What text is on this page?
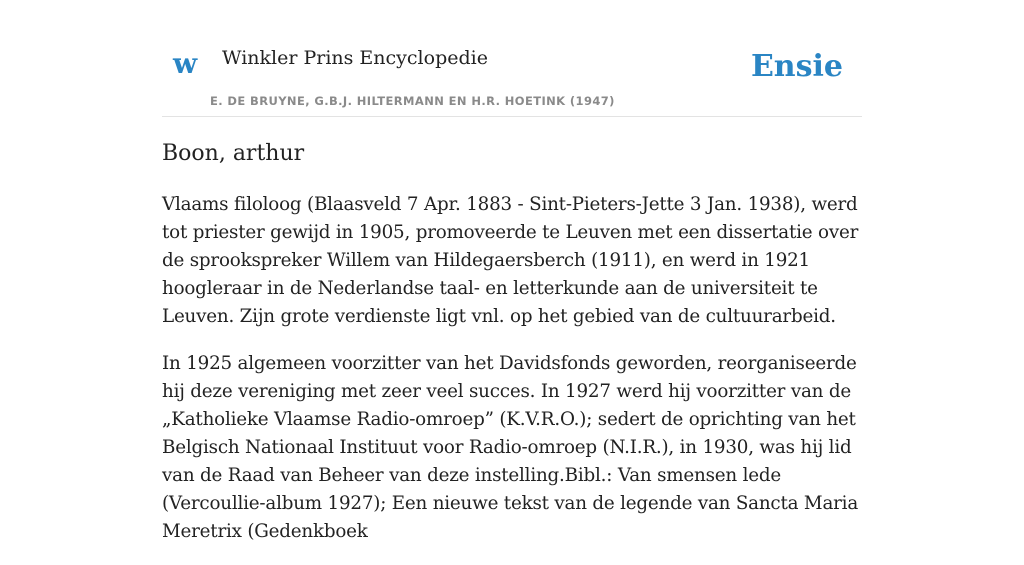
w Winkler Prins Encyclopedie
E. DE BRUYNE, G.B.J. HILTERMANN EN H.R. HOETINK (1947)
Ensie
Boon, arthur

Vlaams filoloog (Blaasveld 7 Apr. 1883 - Sint-Pieters-Jette 3 Jan. 1938), werd tot priester gewijd in 1905, promoveerde te Leuven met een dissertatie over de sprookspreker Willem van Hildegaersberch (1911), en werd in 1921 hoogleraar in de Nederlandse taal- en letterkunde aan de universiteit te Leuven. Zijn grote verdienste ligt vnl. op het gebied van de cultuurarbeid.

In 1925 algemeen voorzitter van het Davidsfonds geworden, reorganiseerde hij deze vereniging met zeer veel succes. In 1927 werd hij voorzitter van de „Katholieke Vlaamse Radio-omroep” (K.V.R.O.); sedert de oprichting van het Belgisch Nationaal Instituut voor Radio-omroep (N.I.R.), in 1930, was hij lid van de Raad van Beheer van deze instelling.Bibl.: Van smensen lede (Vercoullie-album 1927); Een nieuwe tekst van de legende van Sancta Maria Meretrix (Gedenkboek
